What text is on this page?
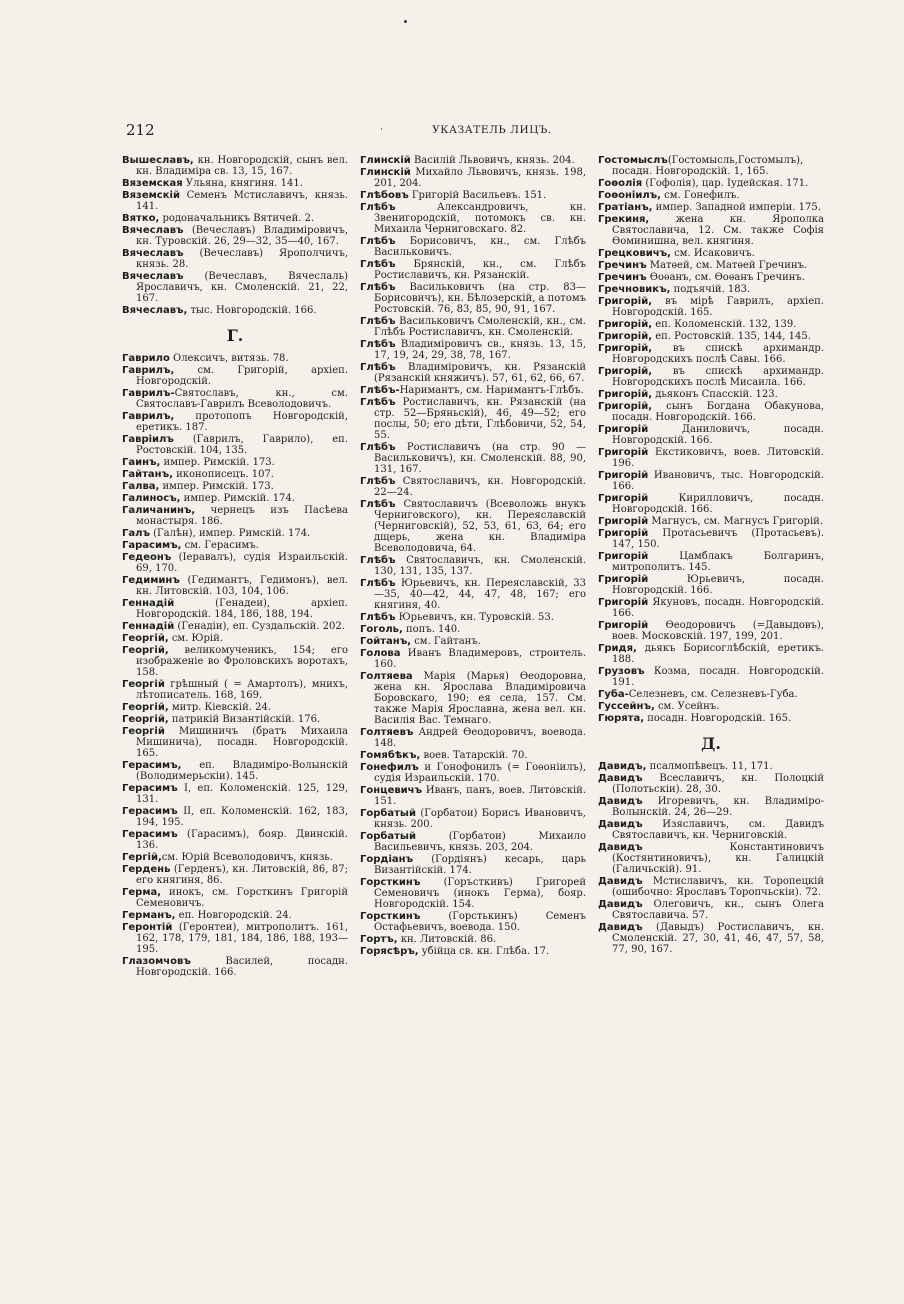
212	·	УКАЗАТЕЛЬ ЛИЦЪ.
Вышеславъ, кн. Новгородскій, сынъ вел. кн. Владиміра св. 13, 15, 167.
Вяземская Ульяна, княгиня. 141.
Вяземскій Семенъ Мстиславичъ, князь. 141.
Вятко, родоначальникъ Вятичей. 2.
Вячеславъ (Вечеславъ) Владиміровичъ, кн. Туровскій. 26, 29—32, 35—40, 167.
Вячеславъ (Вечеславъ) Ярополчичъ, князь. 28.
Вячеславъ (Вечеславъ, Вячеслаль) Ярославичъ, кн. Смоленскій. 21, 22, 167.
Вячеславъ, тыс. Новгородскій. 166.
Г.
Гаврило Олексичъ, витязь. 78.
Гаврилъ, см. Григорій, архіеп. Новгородскій.
Гаврилъ-Святославъ, кн., см. Святославъ-Гаврилъ Всеволодовичъ.
Гаврилъ, протопопъ Новгородскій, еретикъ. 187.
Гавріилъ (Гаврилъ, Гаврило), еп. Ростовскій. 104, 135.
Гаинъ, импер. Римскій. 173.
Гайтанъ, иконописецъ. 107.
Галва, импер. Римскій. 173.
Галиносъ, импер. Римскій. 174.
Галичанинъ, чернецъ изъ Пасѣева монастыря. 186.
Галъ (Галѣн), импер. Римскій. 174.
Гарасимъ, см. Герасимъ.
Гедеонъ (Іеравалъ), судія Израильскій. 69, 170.
Гедиминъ (Гедимантъ, Гедимонъ), вел. кн. Литовскій. 103, 104, 106.
Геннадій (Генадеи), архіеп. Новгородскій. 184, 186, 188, 194.
Геннадій (Генадіи), еп. Суздальскій. 202.
Георгій, см. Юрій.
Георгій, великомученикъ, 154; его изображеніе во Фроловскихъ воротахъ, 158.
Георгій грѣшный ( = Амартолъ), мнихъ, лѣтописатель. 168, 169.
Георгій, митр. Кіевскій. 24.
Георгій, патрикій Византійскій. 176.
Георгій Мишиничъ (братъ Михаила Мишинича), посадн. Новгородскій. 165.
Герасимъ, еп. Владиміро-Волынскій (Володимерьскіи). 145.
Герасимъ I, еп. Коломенскій. 125, 129, 131.
Герасимъ II, еп. Коломенскій. 162, 183, 194, 195.
Герасимъ (Гарасимъ), бояр. Двинскій. 136.
Гергій,см. Юрій Всеволодовичъ, князь.
Гердень (Герденъ), кн. Литовскій, 86, 87; его княгиня, 86.
Герма, инокъ, см. Горсткинъ Григорій Семеновичъ.
Германъ, еп. Новгородскій. 24.
Геронтій (Геронтеи), митрополитъ. 161, 162, 178, 179, 181, 184, 186, 188, 193—195.
Глазомчовъ Василей, посадн. Новгородскій. 166.
Глинскій Василій Львовичъ, князь. 204.
Глинскій Михайло Львовичъ, князь. 198, 201, 204.
Глѣбовъ Григорій Васильевъ. 151.
Глѣбъ Александровичъ, кн. Звенигородскій, потомокъ св. кн. Михаила Черниговскаго. 82.
Глѣбъ Борисовичъ, кн., см. Глѣбъ Васильковичъ.
Глѣбъ Брянскій, кн., см. Глѣбъ Ростиславичъ, кн. Рязанскій.
Глѣбъ Васильковичъ (на стр. 83—Борисовичъ), кн. Бѣлозерскій, а потомъ Ростовскій. 76, 83, 85, 90, 91, 167.
Глѣбъ Васильковичъ Смоленскій, кн., см. Глѣбъ Ростиславичъ, кн. Смоленскій.
Глѣбъ Владиміровичъ св., князь. 13, 15, 17, 19, 24, 29, 38, 78, 167.
Глѣбъ Владиміровичъ, кн. Рязанскій (Рязанскій княжичъ). 57, 61, 62, 66, 67.
Глѣбъ-Наримантъ, см. Наримантъ-Глѣбъ.
Глѣбъ Ростиславичъ, кн. Рязанскій (на стр. 52—Бряньскій), 46, 49—52; его послы, 50; его дѣти, Глѣбовичи, 52, 54, 55.
Глѣбъ Ростиславичъ (на стр. 90 — Васильковичъ), кн. Смоленскій. 88, 90, 131, 167.
Глѣбъ Святославичъ, кн. Новгородскій. 22—24.
Глѣбъ Святославичъ (Всеволожь внукъ Черниговского), кн. Переяславскій (Черниговскій), 52, 53, 61, 63, 64; его дщерь, жена кн. Владиміра Всеволодовича, 64.
Глѣбъ Святославичъ, кн. Смоленскій. 130, 131, 135, 137.
Глѣбъ Юрьевичъ, кн. Переяславскій, 33—35, 40—42, 44, 47, 48, 167; его княгиня, 40.
Глѣбъ Юрьевичъ, кн. Туровскій. 53.
Гоголь, попъ. 140.
Гойтанъ, см. Гайтанъ.
Голова Иванъ Владимеровъ, строитель. 160.
Голтяева Марія (Марья) Ѳеодоровна, жена кн. Ярослава Владиміровича Боровскаго, 190; ея села, 157. См. также Марія Ярославна, жена вел. кн. Василія Вас. Темнаго.
Голтяевъ Андрей Ѳеодоровичъ, воевода. 148.
Гомябѣкъ, воев. Татарскій. 70.
Гонефилъ и Гонофонилъ (= Гоѳоніилъ), судія Израильскій. 170.
Гонцевичъ Иванъ, панъ, воев. Литовскій. 151.
Горбатый (Горбатои) Борисъ Ивановичъ, князь. 200.
Горбатый (Горбатои) Михаило Васильевичъ, князь. 203, 204.
Гордіанъ (Гордіянъ) кесарь, царь Византійскій. 174.
Горсткинъ (Горъсткивъ) Григорей Семеновичъ (инокъ Герма), бояр. Новгородскій. 154.
Горсткинъ (Горстькинъ) Семенъ Остафьевичъ, воевода. 150.
Гортъ, кн. Литовскій. 86.
Горясѣръ, убійца св. кн. Глѣба. 17.
Гостомыслъ(Гостомысль,Гостомылъ), посадн. Новгородскій. 1, 165.
Гоѳолія (Гофолія), цар. Іудейская. 171.
Гоѳоніилъ, см. Гонефилъ.
Гратіанъ, импер. Западной имперіи. 175.
Грекиня, жена кн. Ярополка Святославича, 12. См. также Софія Ѳоминишна, вел. княгиня.
Грецковичъ, см. Исаковичъ.
Гречинъ Матѳей, см. Матѳей Гречинъ.
Гречинъ Ѳоѳанъ, см. Ѳоѳанъ Гречинъ.
Гречновикъ, подъячій. 183.
Григорій, въ мірѣ Гаврилъ, архіеп. Новгородскій. 165.
Григорій, еп. Коломенскій. 132, 139.
Григорій, еп. Ростовскій. 135, 144, 145.
Григорій, въ спискѣ архимандр. Новгородскихъ послѣ Савы. 166.
Григорій, въ спискѣ архимандр. Новгородскихъ послѣ Мисаила. 166.
Григорій, дьяконъ Спасскій. 123.
Григорій, сынъ Богдана Обакунова, посадн. Новгородскій. 166.
Григорій Даниловичъ, посадн. Новгородскій. 166.
Григорій Екстиковичъ, воев. Литовскій. 196.
Григорій Ивановичъ, тыс. Новгородскій. 166.
Григорій Кирилловичъ, посадн. Новгородскій. 166.
Григорій Магнусъ, см. Магнусъ Григорій.
Григорій Протасьевичъ (Протасьевъ). 147, 150.
Григорій Цамблакъ Болгаринъ, митрополитъ. 145.
Григорій Юрьевичъ, посадн. Новгородскій. 166.
Григорій Якуновъ, посадн. Новгородскій. 166.
Григорій Ѳеодоровичъ (=Давыдовъ), воев. Московскій. 197, 199, 201.
Гридя, дьякъ Борисоглѣбскій, еретикъ. 188.
Грузовъ Козма, посадн. Новгородскій. 191.
Губа-Селезневъ, см. Селезневъ-Губа.
Гуссейнъ, см. Усейнъ.
Гюрята, посадн. Новгородскій. 165.
Д.
Давидъ, псалмопѣвецъ. 11, 171.
Давидъ Всеславичъ, кн. Полоцкій (Полотьскіи). 28, 30.
Давидъ Игоревичъ, кн. Владиміро-Волынскій. 24, 26—29.
Давидъ Изяславичъ, см. Давидъ Святославичъ, кн. Черниговскій.
Давидъ Константиновичъ (Костянтиновичъ), кн. Галицкій (Галичьскій). 91.
Давидъ Мстиславичъ, кн. Торопецкій (ошибочно: Ярославъ Торопчьскіи). 72.
Давидъ Олеговичъ, кн., сынъ Олега Святославича. 57.
Давидъ (Давыдъ) Ростиславичъ, кн. Смоленскій. 27, 30, 41, 46, 47, 57, 58, 77, 90, 167.
